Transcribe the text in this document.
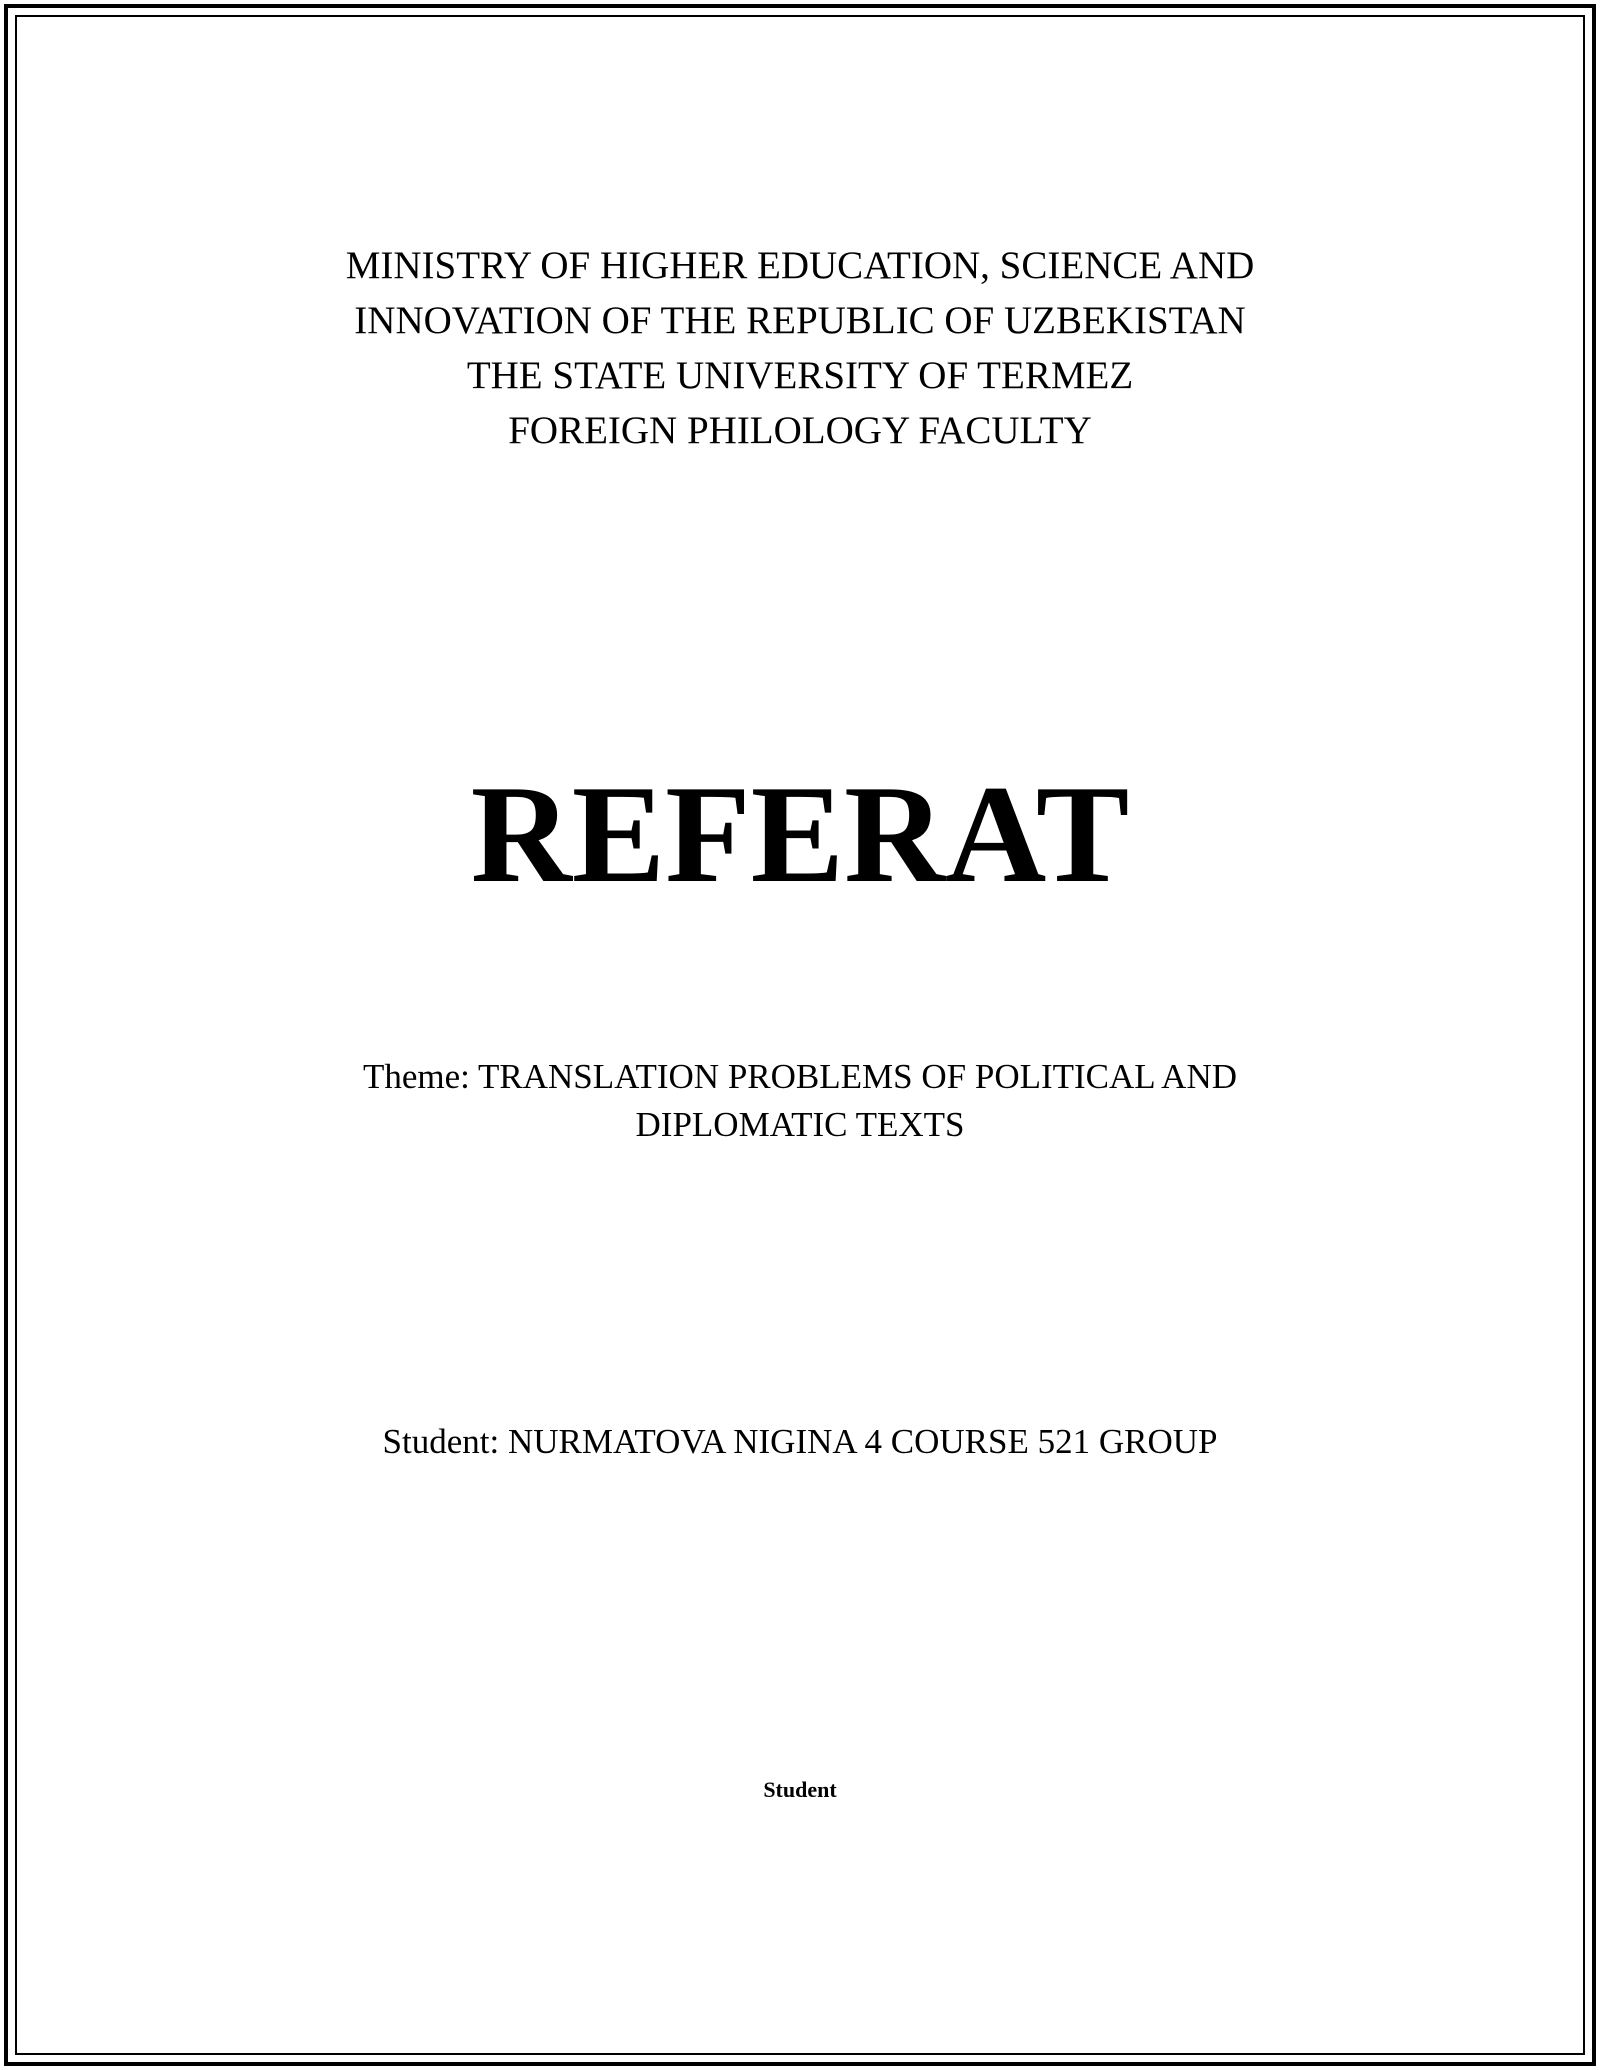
MINISTRY OF HIGHER EDUCATION, SCIENCE AND
INNOVATION OF THE REPUBLIC OF UZBEKISTAN
THE STATE UNIVERSITY OF TERMEZ
FOREIGN PHILOLOGY FACULTY
REFERAT
Theme: TRANSLATION PROBLEMS OF POLITICAL AND
DIPLOMATIC TEXTS
Student: NURMATOVA NIGINA 4 COURSE 521 GROUP
Student
